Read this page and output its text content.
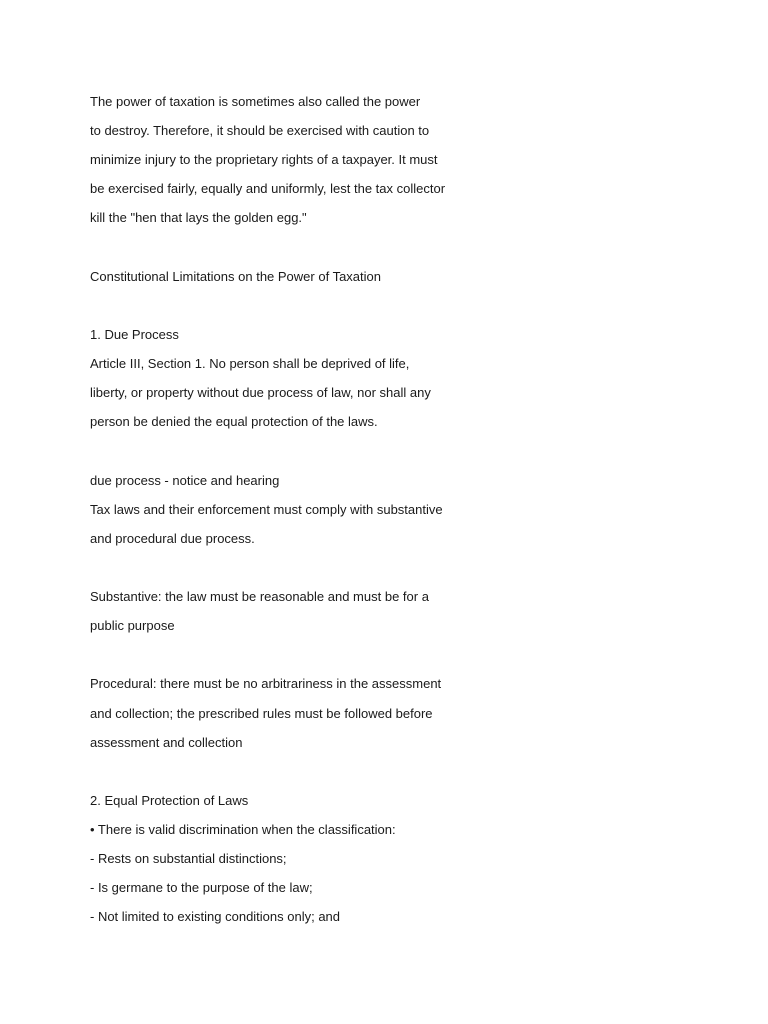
The power of taxation is sometimes also called the power
to destroy. Therefore, it should be exercised with caution to
minimize injury to the proprietary rights of a taxpayer. It must
be exercised fairly, equally and uniformly, lest the tax collector
kill the "hen that lays the golden egg."
Constitutional Limitations on the Power of Taxation
1. Due Process
Article III, Section 1. No person shall be deprived of life,
liberty, or property without due process of law, nor shall any
person be denied the equal protection of the laws.
due process - notice and hearing
Tax laws and their enforcement must comply with substantive
and procedural due process.
Substantive: the law must be reasonable and must be for a
public purpose
Procedural: there must be no arbitrariness in the assessment
and collection; the prescribed rules must be followed before
assessment and collection
2. Equal Protection of Laws
• There is valid discrimination when the classification:
- Rests on substantial distinctions;
- Is germane to the purpose of the law;
- Not limited to existing conditions only; and
